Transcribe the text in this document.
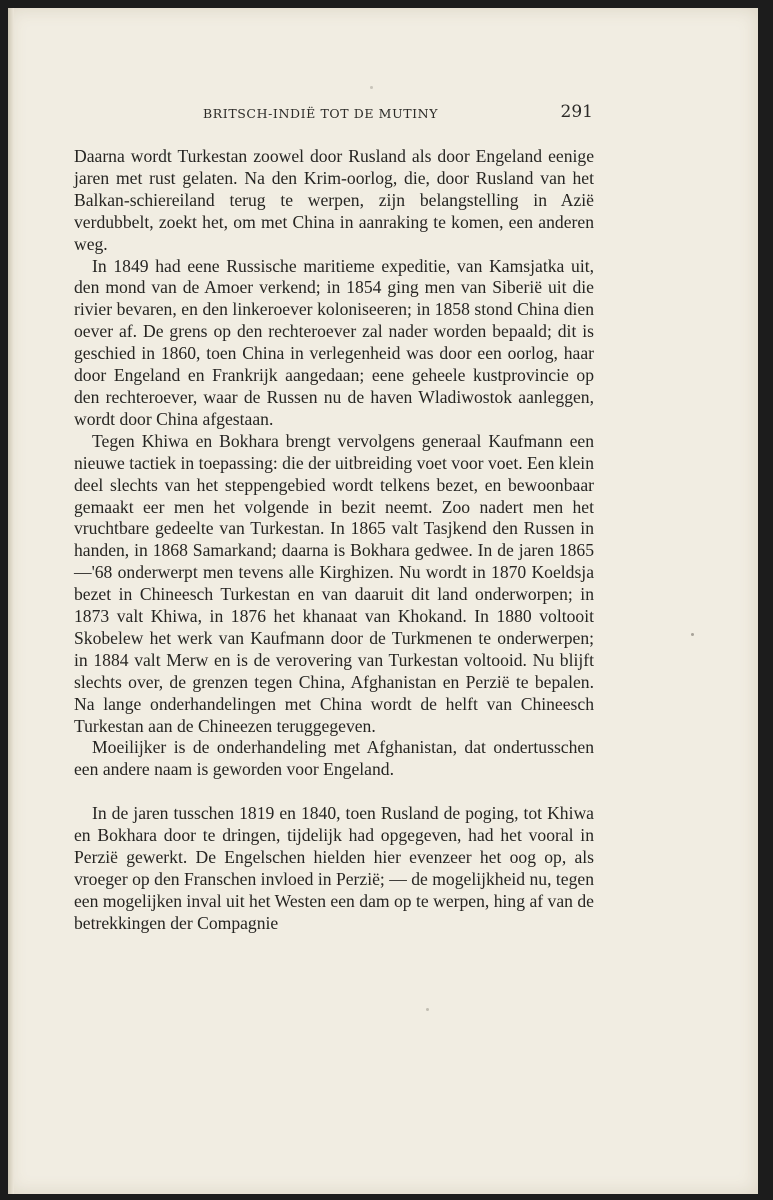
BRITSCH-INDIË TOT DE MUTINY	291

Daarna wordt Turkestan zoowel door Rusland als door Engeland eenige jaren met rust gelaten. Na den Krim-oorlog, die, door Rusland van het Balkan-schiereiland terug te werpen, zijn belangstelling in Azië verdubbelt, zoekt het, om met China in aanraking te komen, een anderen weg.

In 1849 had eene Russische maritieme expeditie, van Kamsjatka uit, den mond van de Amoer verkend; in 1854 ging men van Siberië uit die rivier bevaren, en den linkeroever koloniseeren; in 1858 stond China dien oever af. De grens op den rechteroever zal nader worden bepaald; dit is geschied in 1860, toen China in verlegenheid was door een oorlog, haar door Engeland en Frankrijk aangedaan; eene geheele kustprovincie op den rechteroever, waar de Russen nu de haven Wladiwostok aanleggen, wordt door China afgestaan.

Tegen Khiwa en Bokhara brengt vervolgens generaal Kaufmann een nieuwe tactiek in toepassing: die der uitbreiding voet voor voet. Een klein deel slechts van het steppengebied wordt telkens bezet, en bewoonbaar gemaakt eer men het volgende in bezit neemt. Zoo nadert men het vruchtbare gedeelte van Turkestan. In 1865 valt Tasjkend den Russen in handen, in 1868 Samarkand; daarna is Bokhara gedwee. In de jaren 1865—'68 onderwerpt men tevens alle Kirghizen. Nu wordt in 1870 Koeldsja bezet in Chineesch Turkestan en van daaruit dit land onderworpen; in 1873 valt Khiwa, in 1876 het khanaat van Khokand. In 1880 voltooit Skobelew het werk van Kaufmann door de Turkmenen te onderwerpen; in 1884 valt Merw en is de verovering van Turkestan voltooid. Nu blijft slechts over, de grenzen tegen China, Afghanistan en Perzië te bepalen. Na lange onderhandelingen met China wordt de helft van Chineesch Turkestan aan de Chineezen teruggegeven.

Moeilijker is de onderhandeling met Afghanistan, dat ondertusschen een andere naam is geworden voor Engeland.

In de jaren tusschen 1819 en 1840, toen Rusland de poging, tot Khiwa en Bokhara door te dringen, tijdelijk had opgegeven, had het vooral in Perzië gewerkt. De Engelschen hielden hier evenzeer het oog op, als vroeger op den Franschen invloed in Perzië; — de mogelijkheid nu, tegen een mogelijken inval uit het Westen een dam op te werpen, hing af van de betrekkingen der Compagnie
